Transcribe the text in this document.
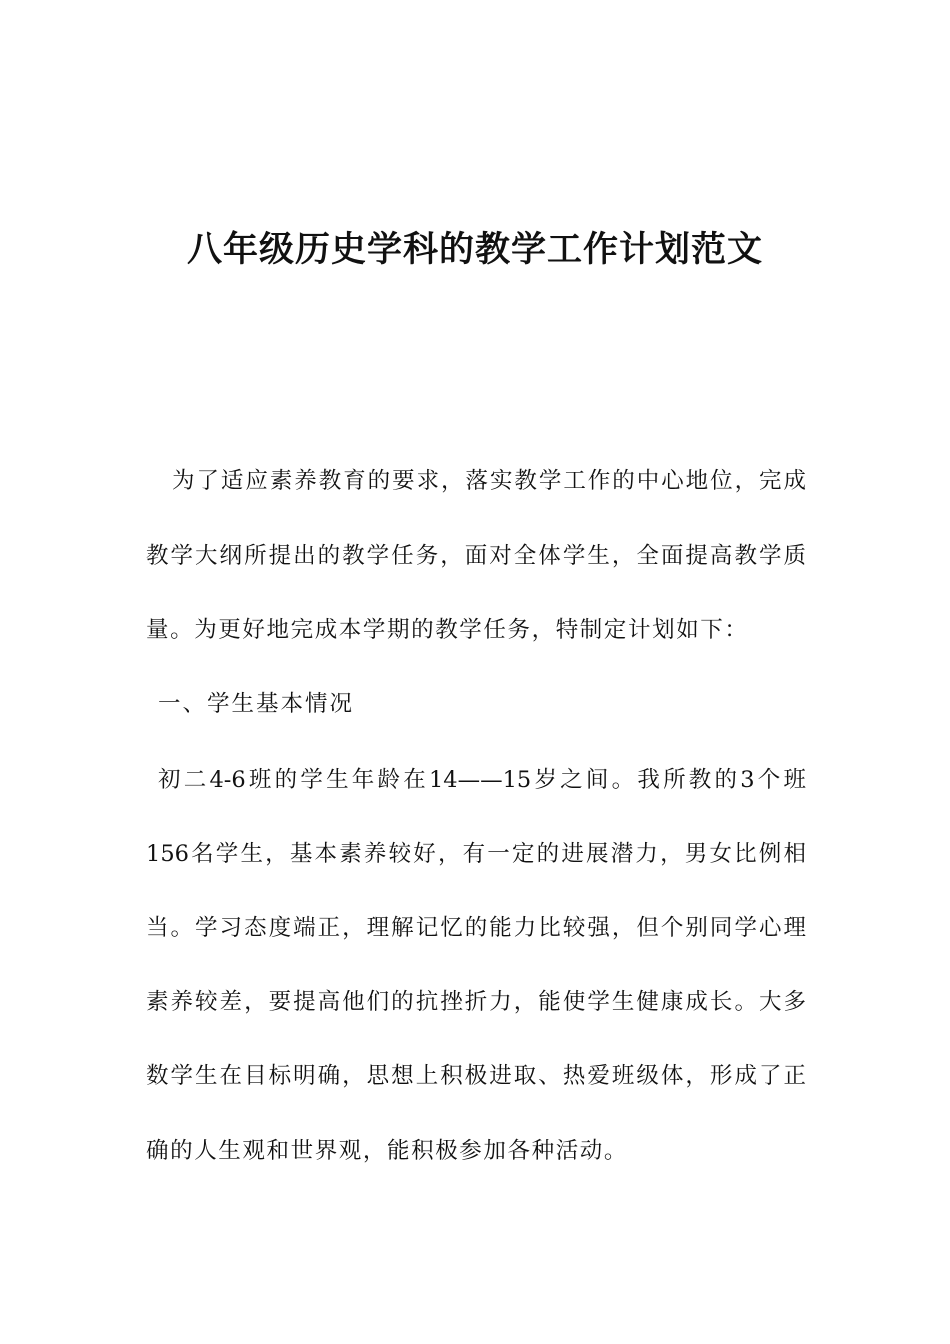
八年级历史学科的教学工作计划范文

为了适应素养教育的要求，落实教学工作的中心地位，完成

教学大纲所提出的教学任务，面对全体学生，全面提高教学质

量。为更好地完成本学期的教学任务，特制定计划如下：

一、学生基本情况

初二4-6班的学生年龄在14——15岁之间。我所教的3个班

156名学生，基本素养较好，有一定的进展潜力，男女比例相

当。学习态度端正，理解记忆的能力比较强，但个别同学心理

素养较差，要提高他们的抗挫折力，能使学生健康成长。大多

数学生在目标明确，思想上积极进取、热爱班级体，形成了正

确的人生观和世界观，能积极参加各种活动。
